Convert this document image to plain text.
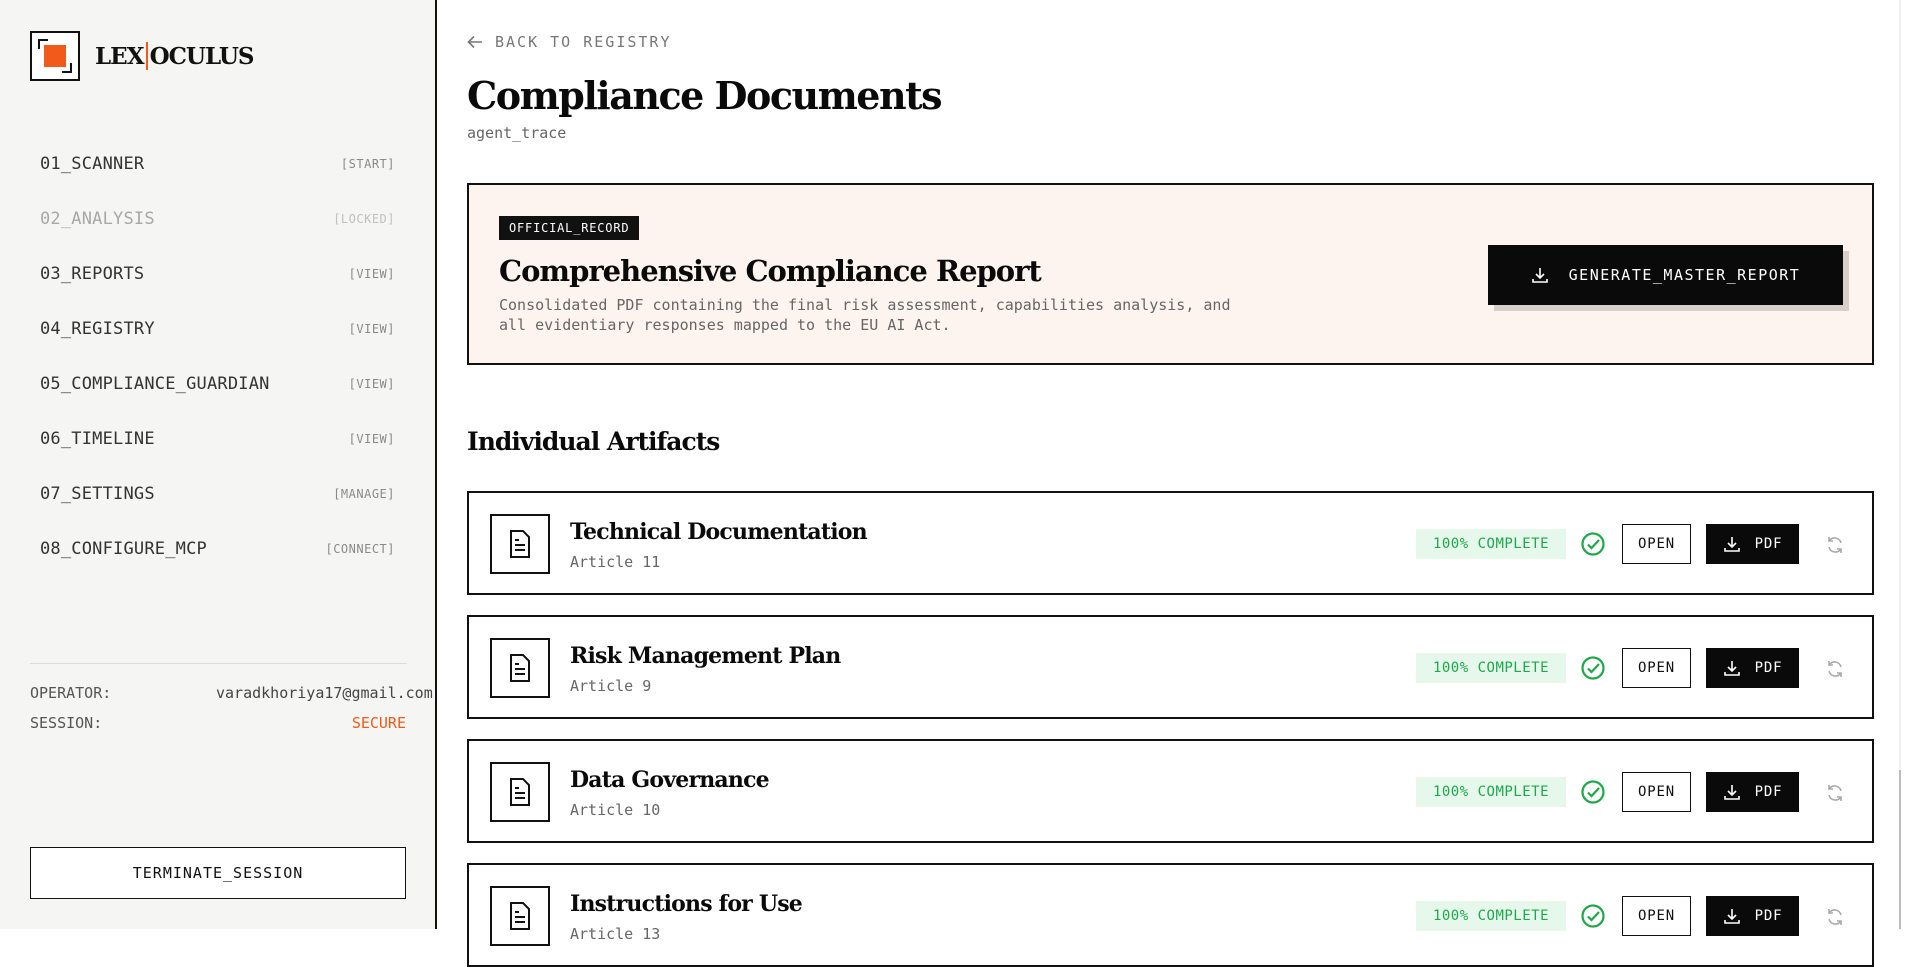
LEX OCULUS
01_SCANNER	[START]
02_ANALYSIS	[LOCKED]
03_REPORTS	[VIEW]
04_REGISTRY	[VIEW]
05_COMPLIANCE_GUARDIAN	[VIEW]
06_TIMELINE	[VIEW]
07_SETTINGS	[MANAGE]
08_CONFIGURE_MCP	[CONNECT]
OPERATOR:	varadkhoriya17@gmail.com
SESSION:	SECURE
TERMINATE_SESSION
BACK TO REGISTRY
Compliance Documents
agent_trace
OFFICIAL_RECORD
Comprehensive Compliance Report

Consolidated PDF containing the final risk assessment, capabilities analysis, and all evidentiary responses mapped to the EU AI Act.

GENERATE_MASTER_REPORT
Individual Artifacts
Technical Documentation
Article 11
100% COMPLETE	OPEN	PDF
Risk Management Plan
Article 9
100% COMPLETE	OPEN	PDF
Data Governance
Article 10
100% COMPLETE	OPEN	PDF
Instructions for Use
Article 13
100% COMPLETE	OPEN	PDF
